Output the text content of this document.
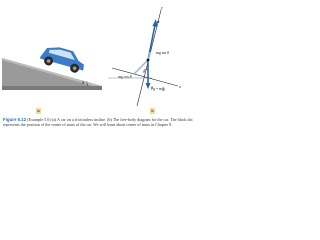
θ
y
x
n
mg sin θ
mg cos θ
F⃗g = mg⃗
θ
a	b
Figure 5.12 (Example 5.6) (a) A car on a frictionless incline. (b) The free-body diagram for the car. The black dot represents the position of the center of mass of the car. We will learn about center of mass in Chapter 9.
